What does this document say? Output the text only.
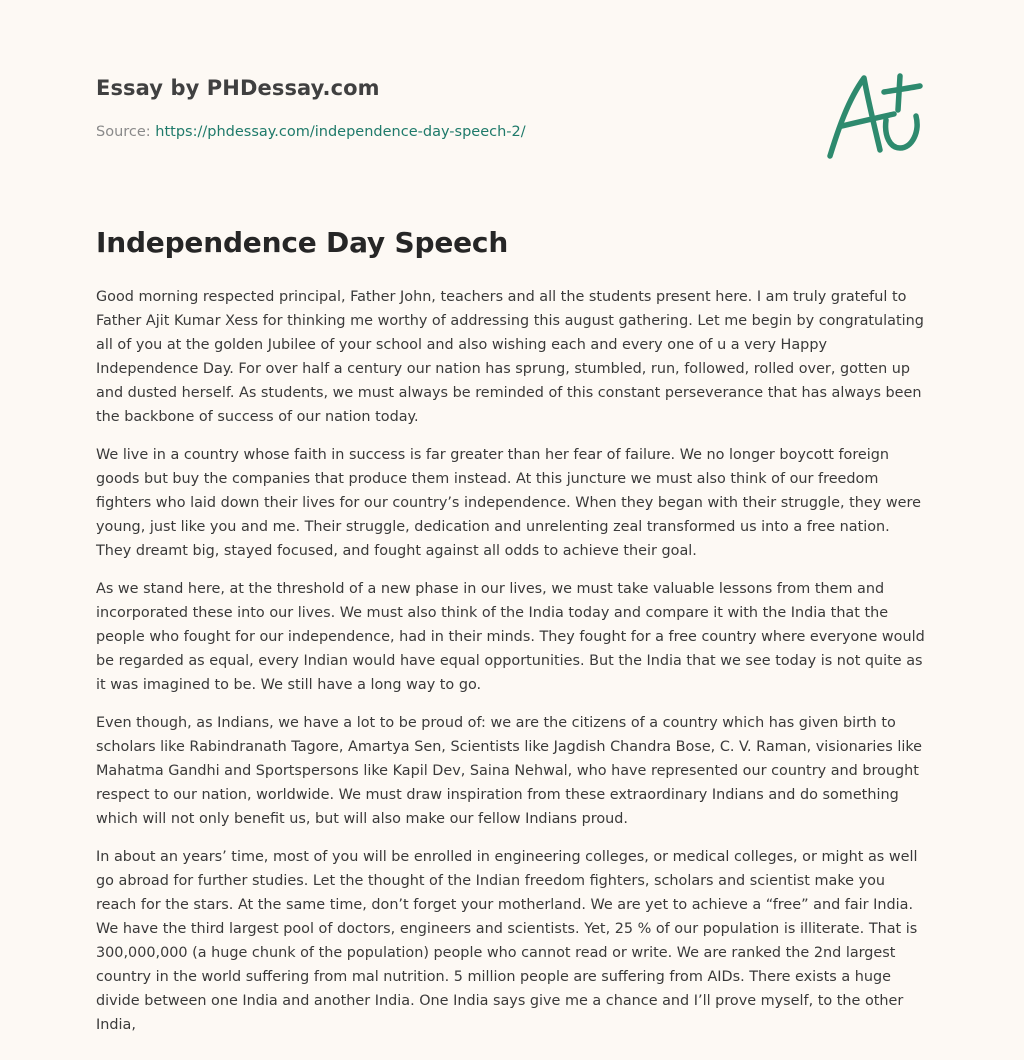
Essay by PHDessay.com
Source: https://phdessay.com/independence-day-speech-2/
Independence Day Speech

Good morning respected principal, Father John, teachers and all the students present here. I am truly grateful to Father Ajit Kumar Xess for thinking me worthy of addressing this august gathering. Let me begin by congratulating all of you at the golden Jubilee of your school and also wishing each and every one of u a very Happy Independence Day. For over half a century our nation has sprung, stumbled, run, followed, rolled over, gotten up and dusted herself. As students, we must always be reminded of this constant perseverance that has always been the backbone of success of our nation today.

We live in a country whose faith in success is far greater than her fear of failure. We no longer boycott foreign goods but buy the companies that produce them instead. At this juncture we must also think of our freedom fighters who laid down their lives for our country’s independence. When they began with their struggle, they were young, just like you and me. Their struggle, dedication and unrelenting zeal transformed us into a free nation. They dreamt big, stayed focused, and fought against all odds to achieve their goal.

As we stand here, at the threshold of a new phase in our lives, we must take valuable lessons from them and incorporated these into our lives. We must also think of the India today and compare it with the India that the people who fought for our independence, had in their minds. They fought for a free country where everyone would be regarded as equal, every Indian would have equal opportunities. But the India that we see today is not quite as it was imagined to be. We still have a long way to go.

Even though, as Indians, we have a lot to be proud of: we are the citizens of a country which has given birth to scholars like Rabindranath Tagore, Amartya Sen, Scientists like Jagdish Chandra Bose, C. V. Raman, visionaries like Mahatma Gandhi and Sportspersons like Kapil Dev, Saina Nehwal, who have represented our country and brought respect to our nation, worldwide. We must draw inspiration from these extraordinary Indians and do something which will not only benefit us, but will also make our fellow Indians proud.

In about an years’ time, most of you will be enrolled in engineering colleges, or medical colleges, or might as well go abroad for further studies. Let the thought of the Indian freedom fighters, scholars and scientist make you reach for the stars. At the same time, don’t forget your motherland. We are yet to achieve a “free” and fair India. We have the third largest pool of doctors, engineers and scientists. Yet, 25 % of our population is illiterate. That is 300,000,000 (a huge chunk of the population) people who cannot read or write. We are ranked the 2nd largest country in the world suffering from mal nutrition. 5 million people are suffering from AIDs. There exists a huge divide between one India and another India. One India says give me a chance and I’ll prove myself, to the other India,
